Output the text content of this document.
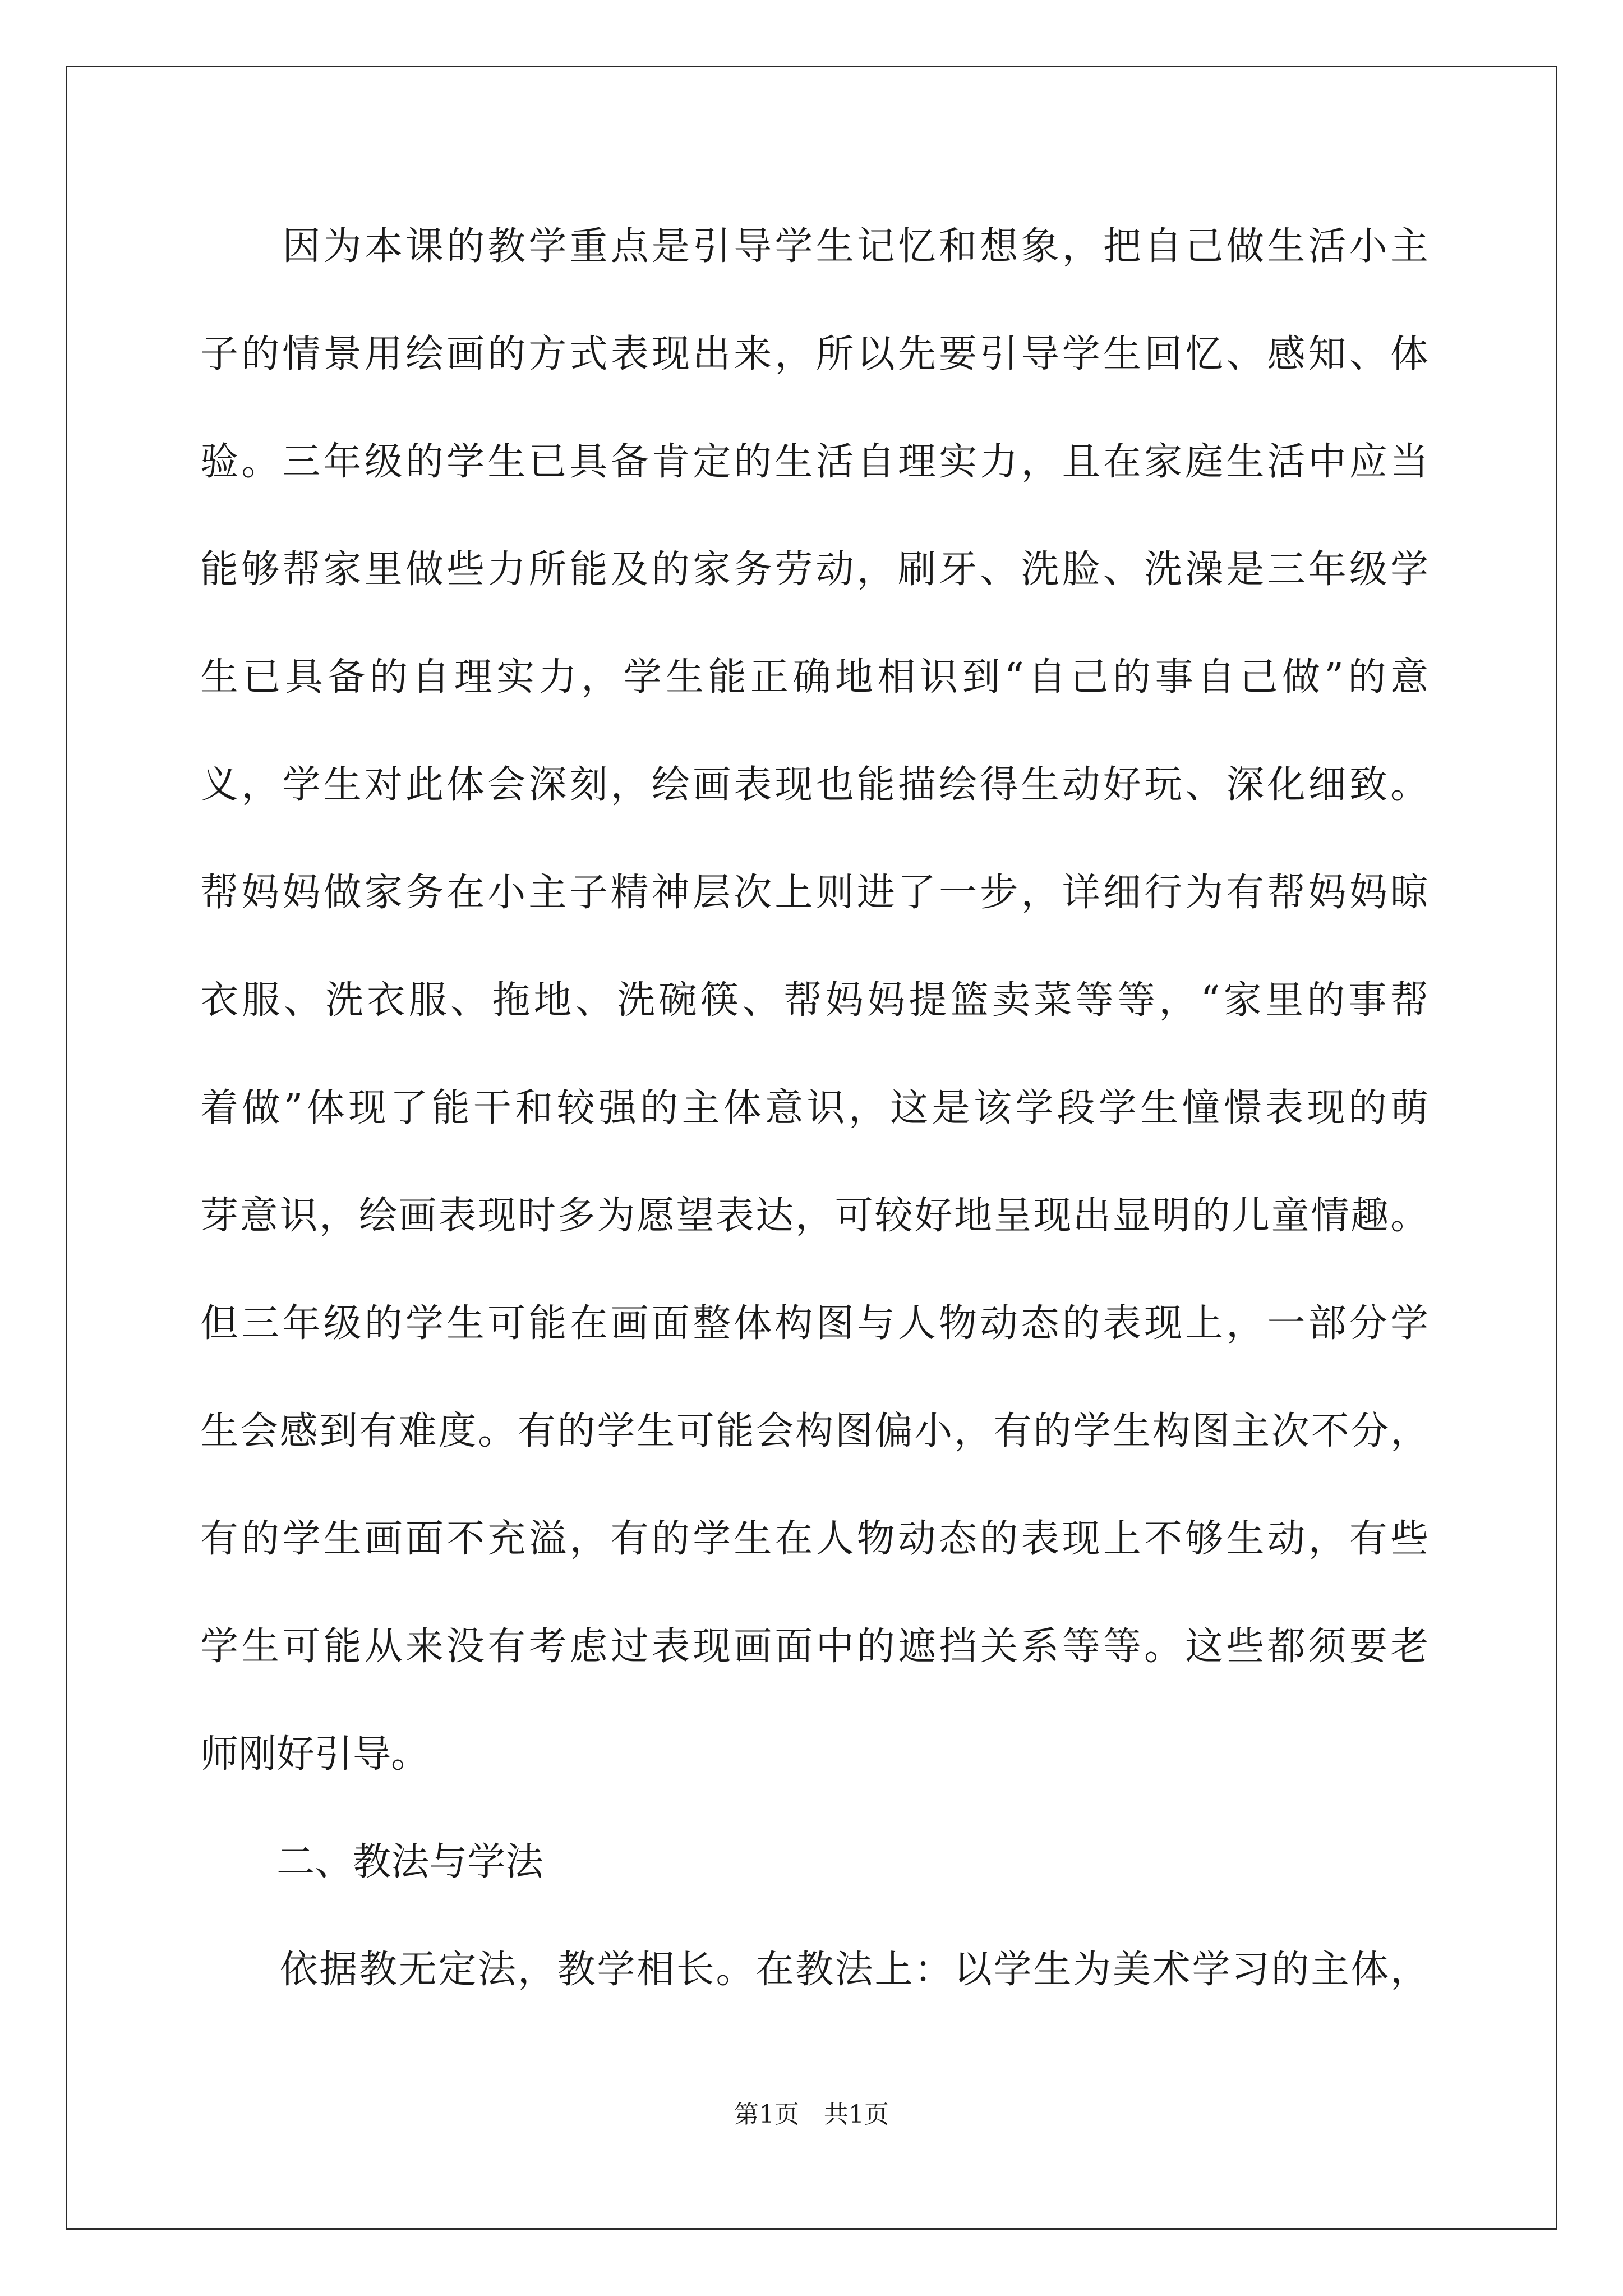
　　因为本课的教学重点是引导学生记忆和想象，把自己做生活小主
子的情景用绘画的方式表现出来，所以先要引导学生回忆、感知、体
验。三年级的学生已具备肯定的生活自理实力，且在家庭生活中应当
能够帮家里做些力所能及的家务劳动，刷牙、洗脸、洗澡是三年级学
生已具备的自理实力，学生能正确地相识到“自己的事自己做”的意
义，学生对此体会深刻，绘画表现也能描绘得生动好玩、深化细致。
帮妈妈做家务在小主子精神层次上则进了一步，详细行为有帮妈妈晾
衣服、洗衣服、拖地、洗碗筷、帮妈妈提篮卖菜等等，“家里的事帮
着做”体现了能干和较强的主体意识，这是该学段学生憧憬表现的萌
芽意识，绘画表现时多为愿望表达，可较好地呈现出显明的儿童情趣。
但三年级的学生可能在画面整体构图与人物动态的表现上，一部分学
生会感到有难度。有的学生可能会构图偏小，有的学生构图主次不分，
有的学生画面不充溢，有的学生在人物动态的表现上不够生动，有些
学生可能从来没有考虑过表现画面中的遮挡关系等等。这些都须要老
师刚好引导。
　　二、教法与学法
　　依据教无定法，教学相长。在教法上：以学生为美术学习的主体，
第1页　共1页
